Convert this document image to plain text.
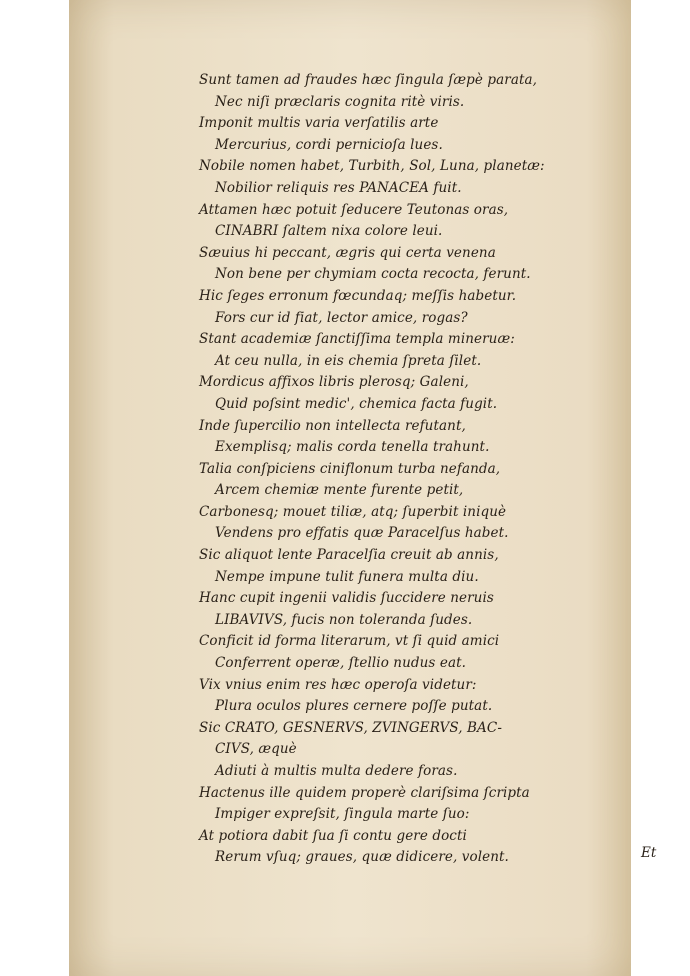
Sunt tamen ad fraudes hæc ſingula ſæpè parata,
Nec niſi præclaris cognita ritè viris.
Imponit multis varia verſatilis arte
Mercurius, cordi pernicioſa lues.
Nobile nomen habet, Turbith, Sol, Luna, planetæ:
Nobilior reliquis res PANACEA fuit.
Attamen hæc potuit ſeducere Teutonas oras,
CINABRI ſaltem nixa colore leui.
Sæuius hi peccant, ægris qui certa venena
Non bene per chymiam cocta recocta, ferunt.
Hic ſeges erronum fœcundaq; meſſis habetur.
Fors cur id fiat, lector amice, rogas?
Stant academiæ ſanctiſſima templa mineruæ:
At ceu nulla, in eis chemia ſpreta ſilet.
Mordicus affixos libris plerosq; Galeni,
Quid poſsint medic', chemica facta fugit.
Inde ſupercilio non intellecta refutant,
Exemplisq; malis corda tenella trahunt.
Talia conſpiciens ciniflonum turba nefanda,
Arcem chemiæ mente furente petit,
Carbonesq; mouet tiliæ, atq; ſuperbit iniquè
Vendens pro effatis quæ Paracelſus habet.
Sic aliquot lente Paracelſia creuit ab annis,
Nempe impune tulit funera multa diu.
Hanc cupit ingenii validis ſuccidere neruis
LIBAVIVS, fucis non toleranda ſudes.
Conficit id forma literarum, vt ſi quid amici
Conferrent operæ, ſtellio nudus eat.
Vix vnius enim res hæc operoſa videtur:
Plura oculos plures cernere poſſe putat.
Sic CRATO, GESNERVS, ZVINGERVS, BAC-
CIVS, æquè
Adiuti à multis multa dedere foras.
Hactenus ille quidem properè clariſsima ſcripta
Impiger expreſsit, ſingula marte ſuo:
At potiora dabit ſua ſi contu gere docti
Rerum vſuq; graues, quæ didicere, volent.	Et
